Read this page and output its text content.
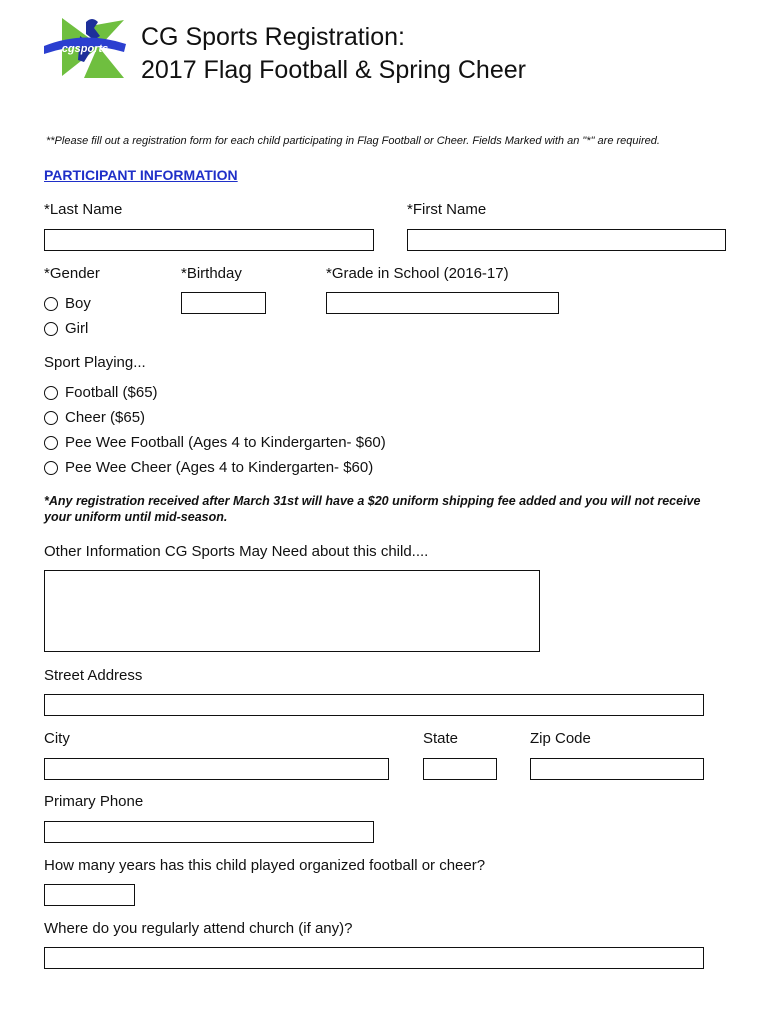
cgsports CG Sports Registration:
2017 Flag Football & Spring Cheer
**Please fill out a registration form for each child participating in Flag Football or Cheer. Fields Marked with an "*" are required.
PARTICIPANT INFORMATION
*Last Name	*First Name
*Gender	*Birthday	*Grade in School (2016-17)
Boy
Girl
Sport Playing...
Football ($65)
Cheer ($65)
Pee Wee Football (Ages 4 to Kindergarten- $60)
Pee Wee Cheer (Ages 4 to Kindergarten- $60)
*Any registration received after March 31st will have a $20 uniform shipping fee added and you will not receive your uniform until mid-season.
Other Information CG Sports May Need about this child....
Street Address
City	State	Zip Code
Primary Phone
How many years has this child played organized football or cheer?
Where do you regularly attend church (if any)?
